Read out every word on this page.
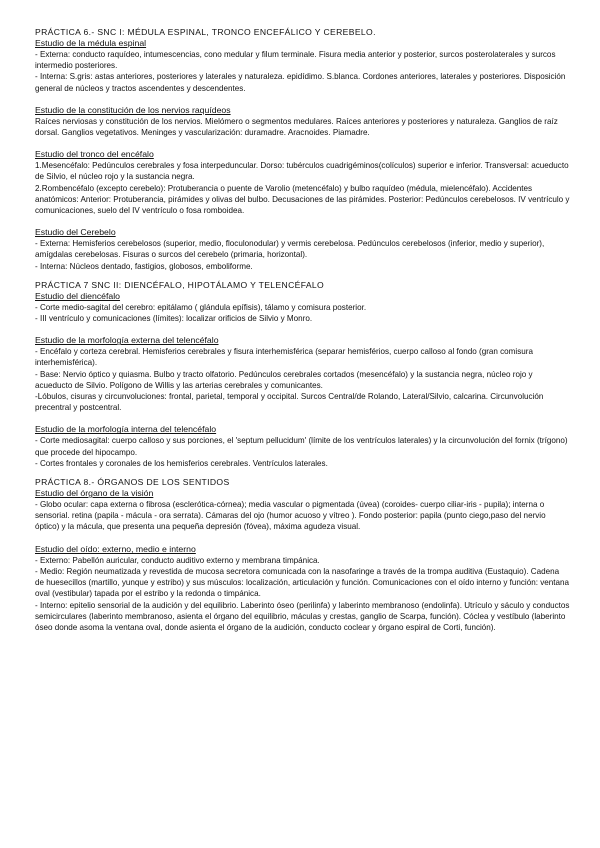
PRÁCTICA 6.- SNC I: MÉDULA ESPINAL, TRONCO ENCEFÁLICO Y CEREBELO.

Estudio de la médula espinal

- Externa: conducto raquídeo, intumescencias, cono medular y filum terminale. Fisura media anterior y posterior, surcos posterolaterales y surcos intermedio posteriores.

- Interna: S.gris: astas anteriores, posteriores y laterales y naturaleza. epidídimo. S.blanca. Cordones anteriores, laterales y posteriores. Disposición general de núcleos y tractos ascendentes y descendentes.

Estudio de la constitución de los nervios raquídeos

Raíces nerviosas y constitución de los nervios. Mielómero o segmentos medulares. Raíces anteriores y posteriores y naturaleza. Ganglios de raíz dorsal. Ganglios vegetativos. Meninges y vascularización: duramadre. Aracnoides. Piamadre.

Estudio del tronco del encéfalo

1.Mesencéfalo: Pedúnculos cerebrales y fosa interpeduncular. Dorso: tubérculos cuadrigéminos(colículos) superior e inferior. Transversal: acueducto de Silvio, el núcleo rojo y la sustancia negra.

2.Rombencéfalo (excepto cerebelo): Protuberancia o puente de Varolio (metencéfalo) y bulbo raquídeo (médula, mielencéfalo). Accidentes anatómicos: Anterior: Protuberancia, pirámides y olivas del bulbo. Decusaciones de las pirámides. Posterior: Pedúnculos cerebelosos. IV ventrículo y comunicaciones, suelo del IV ventrículo o fosa romboidea.

Estudio del Cerebelo

- Externa: Hemisferios cerebelosos (superior, medio, floculonodular) y vermis cerebelosa. Pedúnculos cerebelosos (inferior, medio y superior), amígdalas cerebelosas. Fisuras o surcos del cerebelo (primaria, horizontal).

- Interna: Núcleos dentado, fastigios, globosos, emboliforme.

PRÁCTICA 7 SNC II: DIENCÉFALO, HIPOTÁLAMO Y TELENCÉFALO

Estudio del diencéfalo

- Corte medio-sagital del cerebro: epitálamo ( glándula epífisis), tálamo y comisura posterior.

- III ventrículo y comunicaciones (límites): localizar orificios de Silvio y Monro.

Estudio de la morfología externa del telencéfalo

- Encéfalo y corteza cerebral. Hemisferios cerebrales y fisura interhemisférica (separar hemisférios, cuerpo calloso al fondo (gran comisura interhemisférica).

- Base: Nervio óptico y quiasma. Bulbo y tracto olfatorio. Pedúnculos cerebrales cortados (mesencéfalo) y la sustancia negra, núcleo rojo y acueducto de Silvio. Polígono de Willis y las arterias cerebrales y comunicantes.

-Lóbulos, cisuras y circunvoluciones: frontal, parietal, temporal y occipital. Surcos Central/de Rolando, Lateral/Silvio, calcarina. Circunvolución precentral y postcentral.

Estudio de la morfología interna del telencéfalo

- Corte mediosagital: cuerpo calloso y sus porciones, el 'septum pellucidum' (límite de los ventrículos laterales) y la circunvolución del fornix (trígono) que procede del hipocampo.

- Cortes frontales y coronales de los hemisferios cerebrales. Ventrículos laterales.

PRÁCTICA 8.- ÓRGANOS DE LOS SENTIDOS

Estudio del órgano de la visión

- Globo ocular: capa externa o fibrosa (esclerótica-córnea); media vascular o pigmentada (úvea) (coroides- cuerpo ciliar-iris - pupila); interna o sensorial. retina (papila - mácula - ora serrata). Cámaras del ojo (humor acuoso y vítreo ). Fondo posterior: papila (punto ciego,paso del nervio óptico) y la mácula, que presenta una pequeña depresión (fóvea), máxima agudeza visual.

Estudio del oído: externo, medio e interno

- Externo: Pabellón auricular, conducto auditivo externo y membrana timpánica.

- Medio: Región neumatizada y revestida de mucosa secretora comunicada con la nasofaringe a través de la trompa auditiva (Eustaquio). Cadena de huesecillos (martillo, yunque y estribo) y sus músculos: localización, articulación y función. Comunicaciones con el oído interno y función: ventana oval (vestibular) tapada por el estribo y la redonda o timpánica.

- Interno: epitelio sensorial de la audición y del equilibrio. Laberinto óseo (perilinfa) y laberinto membranoso (endolinfa). Utrículo y sáculo y conductos semicirculares (laberinto membranoso, asienta el órgano del equilibrio, máculas y crestas, ganglio de Scarpa, función). Cóclea y vestíbulo (laberinto óseo donde asoma la ventana oval, donde asienta el órgano de la audición, conducto coclear y órgano espiral de Corti, función).
